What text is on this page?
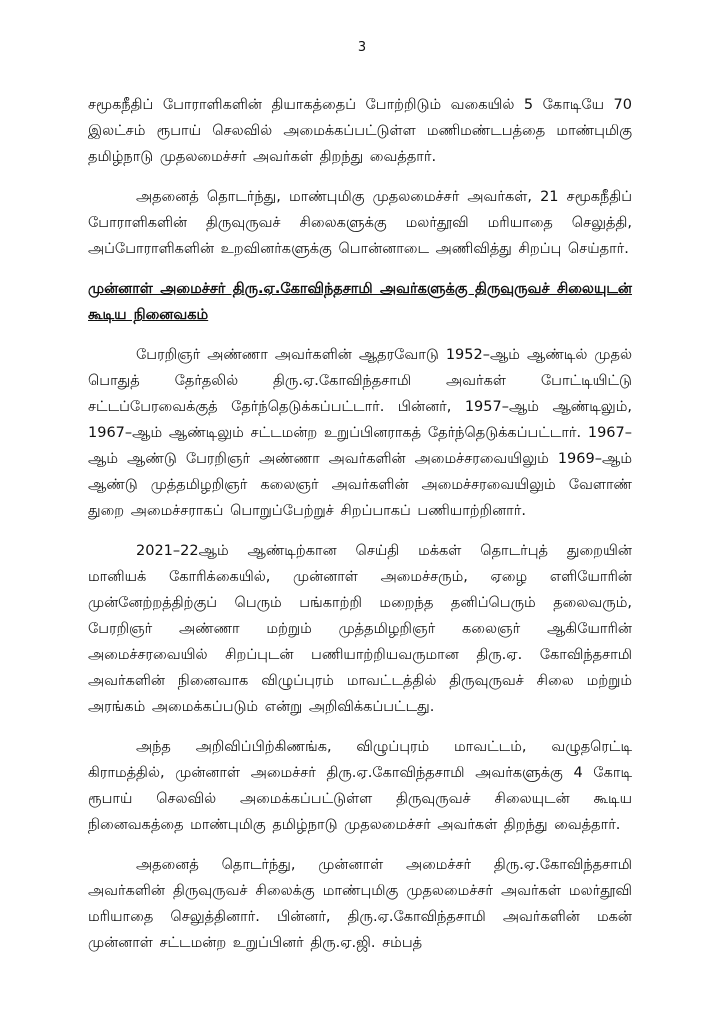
3

சமூகநீதிப் போராளிகளின் தியாகத்தைப் போற்றிடும் வகையில் 5 கோடியே 70 இலட்சம் ரூபாய் செலவில் அமைக்கப்பட்டுள்ள மணிமண்டபத்தை மாண்புமிகு தமிழ்நாடு முதலமைச்சர் அவர்கள் திறந்து வைத்தார்.

அதனைத் தொடர்ந்து, மாண்புமிகு முதலமைச்சர் அவர்கள், 21 சமூகநீதிப் போராளிகளின் திருவுருவச் சிலைகளுக்கு மலர்தூவி மரியாதை செலுத்தி, அப்போராளிகளின் உறவினர்களுக்கு பொன்னாடை அணிவித்து சிறப்பு செய்தார்.

முன்னாள் அமைச்சர் திரு.ஏ.கோவிந்தசாமி அவர்களுக்கு திருவுருவச் சிலையுடன் கூடிய நினைவகம்

பேரறிஞர் அண்ணா அவர்களின் ஆதரவோடு 1952–ஆம் ஆண்டில் முதல் பொதுத் தேர்தலில் திரு.ஏ.கோவிந்தசாமி அவர்கள் போட்டியிட்டு சட்டப்பேரவைக்குத் தேர்ந்தெடுக்கப்பட்டார். பின்னர், 1957–ஆம் ஆண்டிலும், 1967–ஆம் ஆண்டிலும் சட்டமன்ற உறுப்பினராகத் தேர்ந்தெடுக்கப்பட்டார். 1967–ஆம் ஆண்டு பேரறிஞர் அண்ணா அவர்களின் அமைச்சரவையிலும் 1969–ஆம் ஆண்டு முத்தமிழறிஞர் கலைஞர் அவர்களின் அமைச்சரவையிலும் வேளாண் துறை அமைச்சராகப் பொறுப்பேற்றுச் சிறப்பாகப் பணியாற்றினார்.

2021–22ஆம் ஆண்டிற்கான செய்தி மக்கள் தொடர்புத் துறையின் மானியக் கோரிக்கையில், முன்னாள் அமைச்சரும், ஏழை எளியோரின் முன்னேற்றத்திற்குப் பெரும் பங்காற்றி மறைந்த தனிப்பெரும் தலைவரும், பேரறிஞர் அண்ணா மற்றும் முத்தமிழறிஞர் கலைஞர் ஆகியோரின் அமைச்சரவையில் சிறப்புடன் பணியாற்றியவருமான திரு.ஏ. கோவிந்தசாமி அவர்களின் நினைவாக விழுப்புரம் மாவட்டத்தில் திருவுருவச் சிலை மற்றும் அரங்கம் அமைக்கப்படும் என்று அறிவிக்கப்பட்டது.

அந்த அறிவிப்பிற்கிணங்க, விழுப்புரம் மாவட்டம், வழுதரெட்டி கிராமத்தில், முன்னாள் அமைச்சர் திரு.ஏ.கோவிந்தசாமி அவர்களுக்கு 4 கோடி ரூபாய் செலவில் அமைக்கப்பட்டுள்ள திருவுருவச் சிலையுடன் கூடிய நினைவகத்தை மாண்புமிகு தமிழ்நாடு முதலமைச்சர் அவர்கள் திறந்து வைத்தார்.

அதனைத் தொடர்ந்து, முன்னாள் அமைச்சர் திரு.ஏ.கோவிந்தசாமி அவர்களின் திருவுருவச் சிலைக்கு மாண்புமிகு முதலமைச்சர் அவர்கள் மலர்தூவி மரியாதை செலுத்தினார். பின்னர், திரு.ஏ.கோவிந்தசாமி அவர்களின் மகன் முன்னாள் சட்டமன்ற உறுப்பினர் திரு.ஏ.ஜி. சம்பத்
